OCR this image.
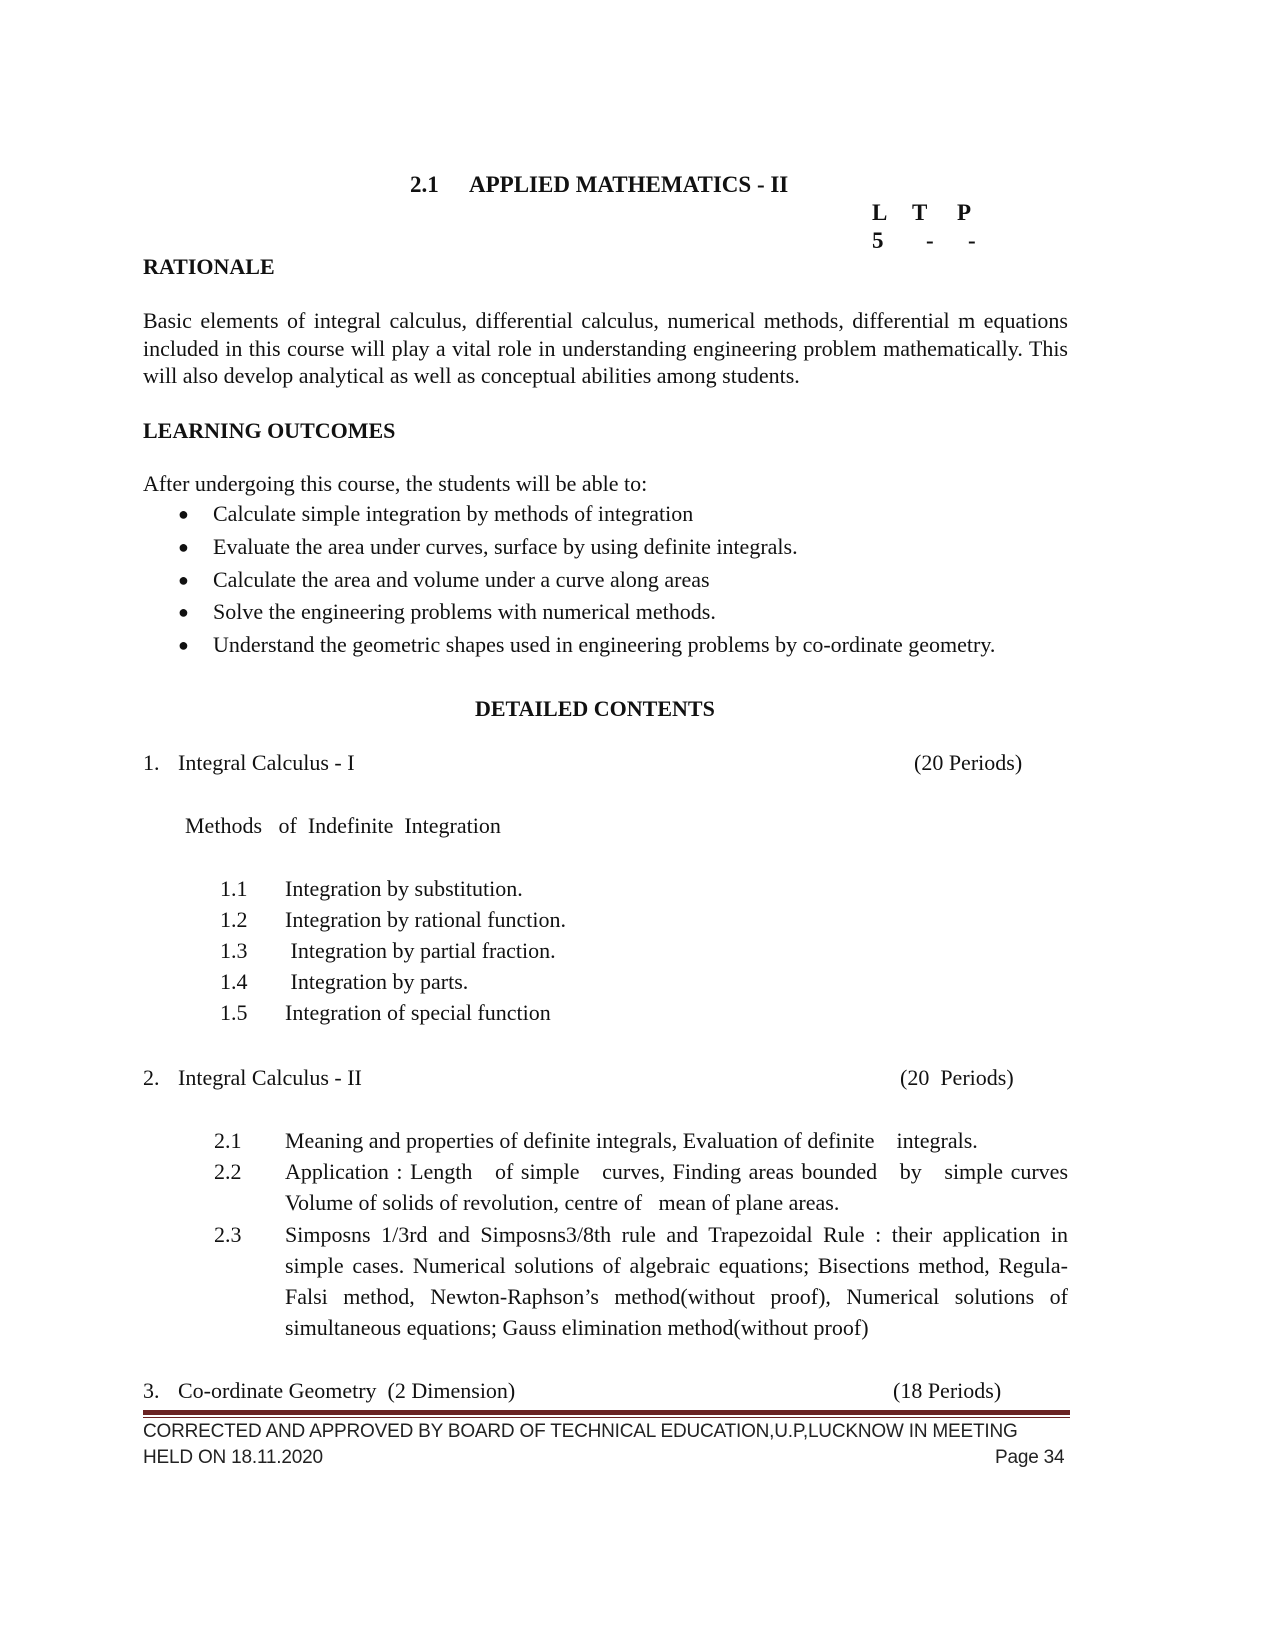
2.1 APPLIED MATHEMATICS - II
L T P
5 - -
RATIONALE
Basic elements of integral calculus, differential calculus, numerical methods, differential m equations included in this course will play a vital role in understanding engineering problem mathematically. This will also develop analytical as well as conceptual abilities among students.
LEARNING OUTCOMES
After undergoing this course, the students will be able to:
● Calculate simple integration by methods of integration
● Evaluate the area under curves, surface by using definite integrals.
● Calculate the area and volume under a curve along areas
● Solve the engineering problems with numerical methods.
● Understand the geometric shapes used in engineering problems by co-ordinate geometry.
DETAILED CONTENTS
1. Integral Calculus - I	(20 Periods)
Methods   of  Indefinite  Integration
1.1 Integration by substitution.
1.2 Integration by rational function.
1.3 Integration by partial fraction.
1.4 Integration by parts.
1.5 Integration of special function
2. Integral Calculus - II	(20  Periods)
2.1 Meaning and properties of definite integrals, Evaluation of definite    integrals.
2.2 Application : Length   of simple   curves, Finding areas bounded   by   simple curves Volume of solids of revolution, centre of   mean of plane areas.
2.3 Simposns 1/3rd and Simposns3/8th rule and Trapezoidal Rule : their application in simple cases. Numerical solutions of algebraic equations; Bisections method, Regula-Falsi method, Newton-Raphson’s method(without proof), Numerical solutions of simultaneous equations; Gauss elimination method(without proof)
3. Co-ordinate Geometry  (2 Dimension)	(18 Periods)
CORRECTED AND APPROVED BY BOARD OF TECHNICAL EDUCATION,U.P,LUCKNOW IN MEETING
HELD ON 18.11.2020	Page 34
